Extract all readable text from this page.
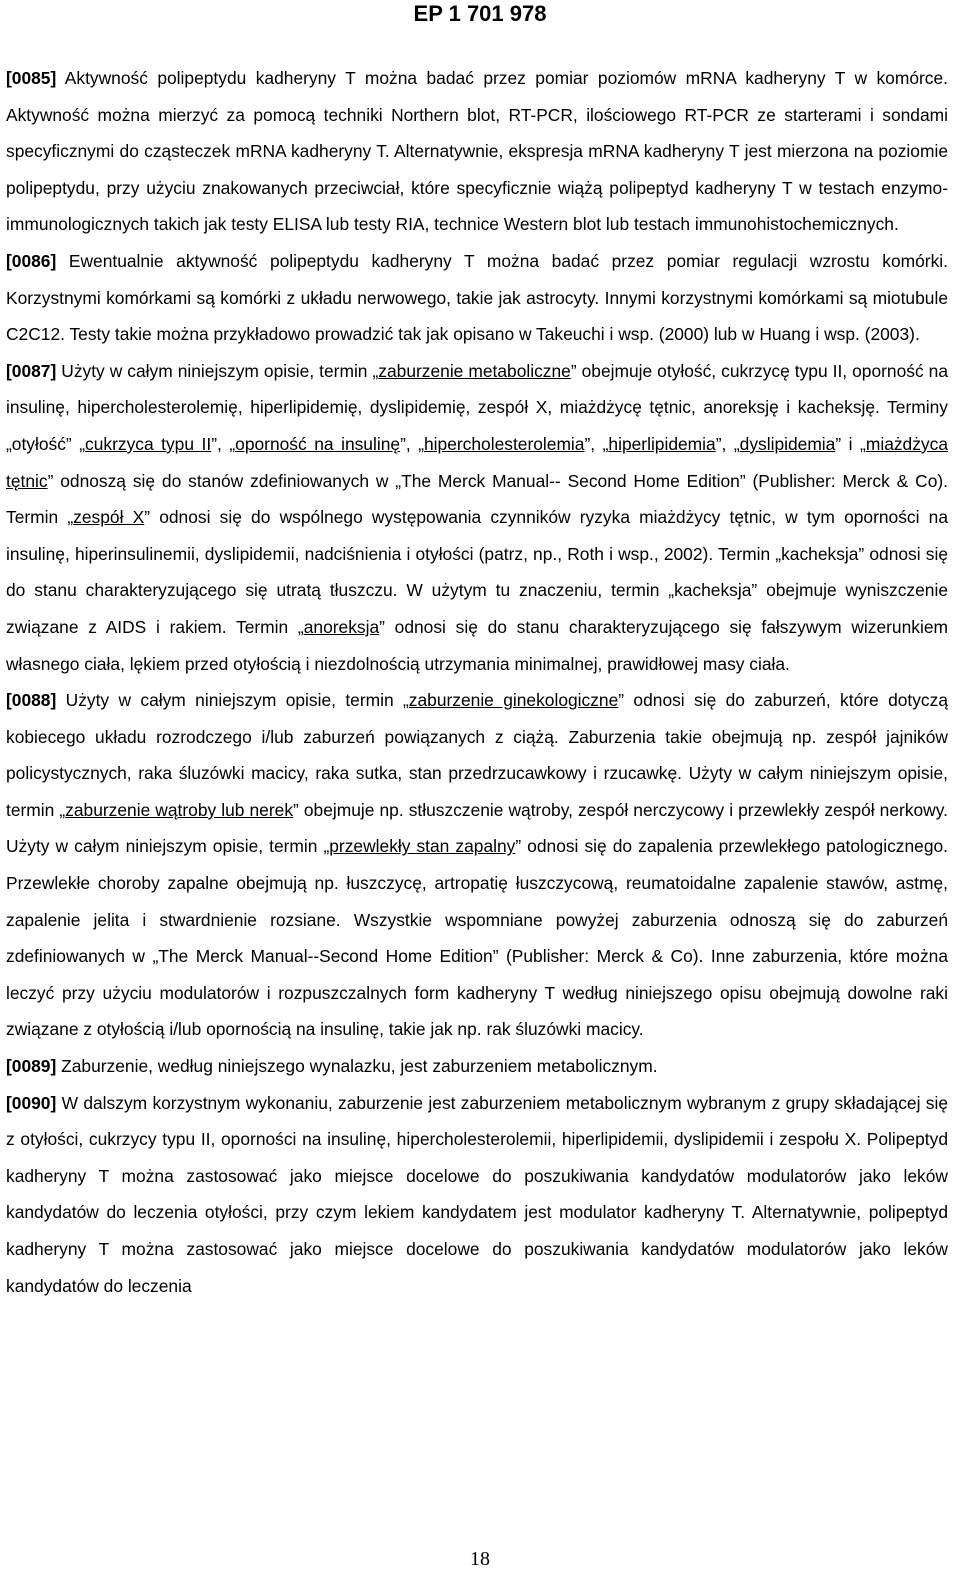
EP 1 701 978

[0085] Aktywność polipeptydu kadheryny T można badać przez pomiar poziomów mRNA kadheryny T w komórce. Aktywność można mierzyć za pomocą techniki Northern blot, RT-PCR, ilościowego RT-PCR ze starterami i sondami specyficznymi do cząsteczek mRNA kadheryny T. Alternatywnie, ekspresja mRNA kadheryny T jest mierzona na poziomie polipeptydu, przy użyciu znakowanych przeciwciał, które specyficznie wiążą polipeptyd kadheryny T w testach enzymo-immunologicznych takich jak testy ELISA lub testy RIA, technice Western blot lub testach immunohistochemicznych.

[0086] Ewentualnie aktywność polipeptydu kadheryny T można badać przez pomiar regulacji wzrostu komórki. Korzystnymi komórkami są komórki z układu nerwowego, takie jak astrocyty. Innymi korzystnymi komórkami są miotubule C2C12. Testy takie można przykładowo prowadzić tak jak opisano w Takeuchi i wsp. (2000) lub w Huang i wsp. (2003).

[0087] Użyty w całym niniejszym opisie, termin „zaburzenie metaboliczne” obejmuje otyłość, cukrzycę typu II, oporność na insulinę, hipercholesterolemię, hiperlipidemię, dyslipidemię, zespół X, miażdżycę tętnic, anoreksję i kacheksję. Terminy „otyłość” „cukrzyca typu II”, „oporność na insulinę”, „hipercholesterolemia”, „hiperlipidemia”, „dyslipidemia” i „miażdżyca tętnic” odnoszą się do stanów zdefiniowanych w „The Merck Manual-- Second Home Edition” (Publisher: Merck & Co). Termin „zespół X” odnosi się do wspólnego występowania czynników ryzyka miażdżycy tętnic, w tym oporności na insulinę, hiperinsulinemii, dyslipidemii, nadciśnienia i otyłości (patrz, np., Roth i wsp., 2002). Termin „kacheksja” odnosi się do stanu charakteryzującego się utratą tłuszczu. W użytym tu znaczeniu, termin „kacheksja” obejmuje wyniszczenie związane z AIDS i rakiem. Termin „anoreksja” odnosi się do stanu charakteryzującego się fałszywym wizerunkiem własnego ciała, lękiem przed otyłością i niezdolnością utrzymania minimalnej, prawidłowej masy ciała.

[0088] Użyty w całym niniejszym opisie, termin „zaburzenie ginekologiczne” odnosi się do zaburzeń, które dotyczą kobiecego układu rozrodczego i/lub zaburzeń powiązanych z ciążą. Zaburzenia takie obejmują np. zespół jajników policystycznych, raka śluzówki macicy, raka sutka, stan przedrzucawkowy i rzucawkę. Użyty w całym niniejszym opisie, termin „zaburzenie wątroby lub nerek” obejmuje np. stłuszczenie wątroby, zespół nerczycowy i przewlekły zespół nerkowy. Użyty w całym niniejszym opisie, termin „przewlekły stan zapalny” odnosi się do zapalenia przewlekłego patologicznego. Przewlekłe choroby zapalne obejmują np. łuszczycę, artropatię łuszczycową, reumatoidalne zapalenie stawów, astmę, zapalenie jelita i stwardnienie rozsiane. Wszystkie wspomniane powyżej zaburzenia odnoszą się do zaburzeń zdefiniowanych w „The Merck Manual--Second Home Edition” (Publisher: Merck & Co). Inne zaburzenia, które można leczyć przy użyciu modulatorów i rozpuszczalnych form kadheryny T według niniejszego opisu obejmują dowolne raki związane z otyłością i/lub opornością na insulinę, takie jak np. rak śluzówki macicy.

[0089] Zaburzenie, według niniejszego wynalazku, jest zaburzeniem metabolicznym.

[0090] W dalszym korzystnym wykonaniu, zaburzenie jest zaburzeniem metabolicznym wybranym z grupy składającej się z otyłości, cukrzycy typu II, oporności na insulinę, hipercholesterolemii, hiperlipidemii, dyslipidemii i zespołu X. Polipeptyd kadheryny T można zastosować jako miejsce docelowe do poszukiwania kandydatów modulatorów jako leków kandydatów do leczenia otyłości, przy czym lekiem kandydatem jest modulator kadheryny T. Alternatywnie, polipeptyd kadheryny T można zastosować jako miejsce docelowe do poszukiwania kandydatów modulatorów jako leków kandydatów do leczenia

18
